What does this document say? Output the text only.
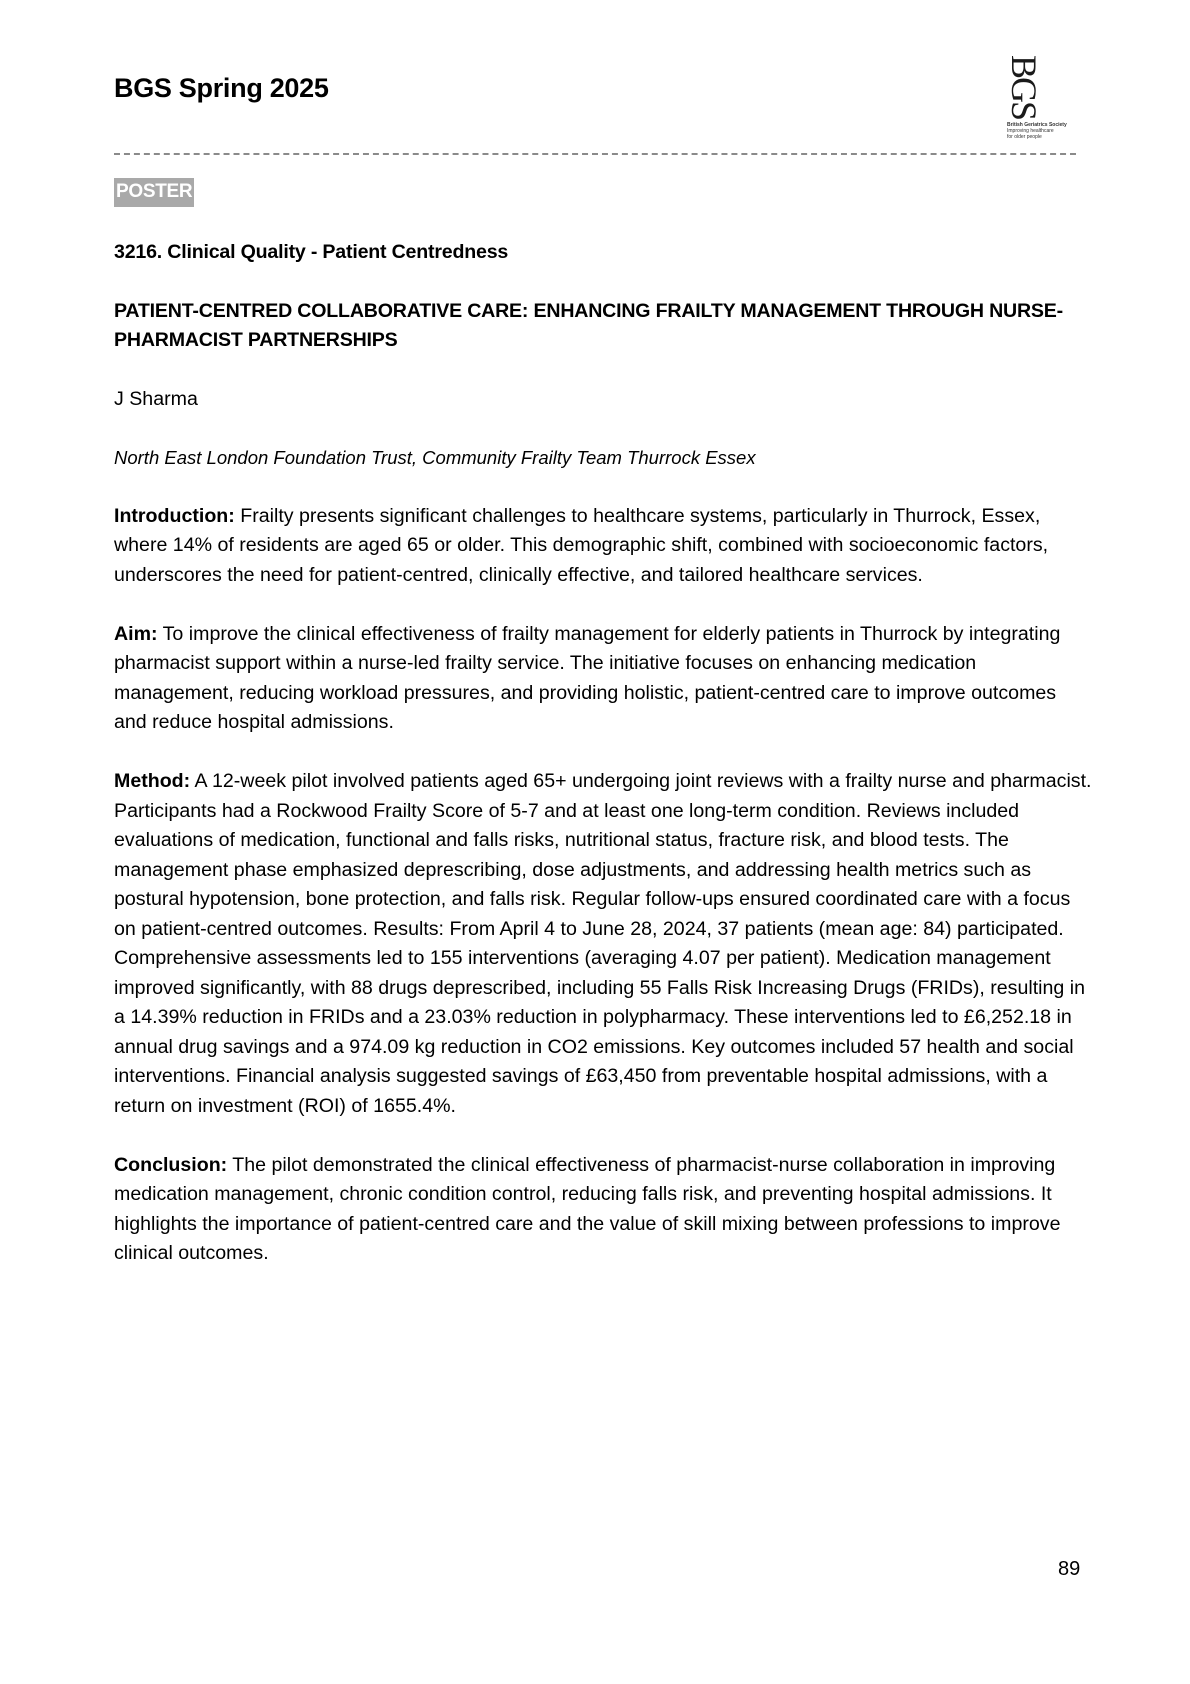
BGS Spring 2025	BGS
British Geriatrics Society
Improving healthcare
for older people
POSTER
3216. Clinical Quality - Patient Centredness
PATIENT-CENTRED COLLABORATIVE CARE: ENHANCING FRAILTY MANAGEMENT THROUGH NURSE-PHARMACIST PARTNERSHIPS
J Sharma
North East London Foundation Trust, Community Frailty Team Thurrock Essex
Introduction: Frailty presents significant challenges to healthcare systems, particularly in Thurrock, Essex, where 14% of residents are aged 65 or older. This demographic shift, combined with socioeconomic factors, underscores the need for patient-centred, clinically effective, and tailored healthcare services.
Aim: To improve the clinical effectiveness of frailty management for elderly patients in Thurrock by integrating pharmacist support within a nurse-led frailty service. The initiative focuses on enhancing medication management, reducing workload pressures, and providing holistic, patient-centred care to improve outcomes and reduce hospital admissions.
Method: A 12-week pilot involved patients aged 65+ undergoing joint reviews with a frailty nurse and pharmacist. Participants had a Rockwood Frailty Score of 5-7 and at least one long-term condition. Reviews included evaluations of medication, functional and falls risks, nutritional status, fracture risk, and blood tests. The management phase emphasized deprescribing, dose adjustments, and addressing health metrics such as postural hypotension, bone protection, and falls risk. Regular follow-ups ensured coordinated care with a focus on patient-centred outcomes. Results: From April 4 to June 28, 2024, 37 patients (mean age: 84) participated. Comprehensive assessments led to 155 interventions (averaging 4.07 per patient). Medication management improved significantly, with 88 drugs deprescribed, including 55 Falls Risk Increasing Drugs (FRIDs), resulting in a 14.39% reduction in FRIDs and a 23.03% reduction in polypharmacy. These interventions led to £6,252.18 in annual drug savings and a 974.09 kg reduction in CO2 emissions. Key outcomes included 57 health and social interventions. Financial analysis suggested savings of £63,450 from preventable hospital admissions, with a return on investment (ROI) of 1655.4%.
Conclusion: The pilot demonstrated the clinical effectiveness of pharmacist-nurse collaboration in improving medication management, chronic condition control, reducing falls risk, and preventing hospital admissions. It highlights the importance of patient-centred care and the value of skill mixing between professions to improve clinical outcomes.
89
